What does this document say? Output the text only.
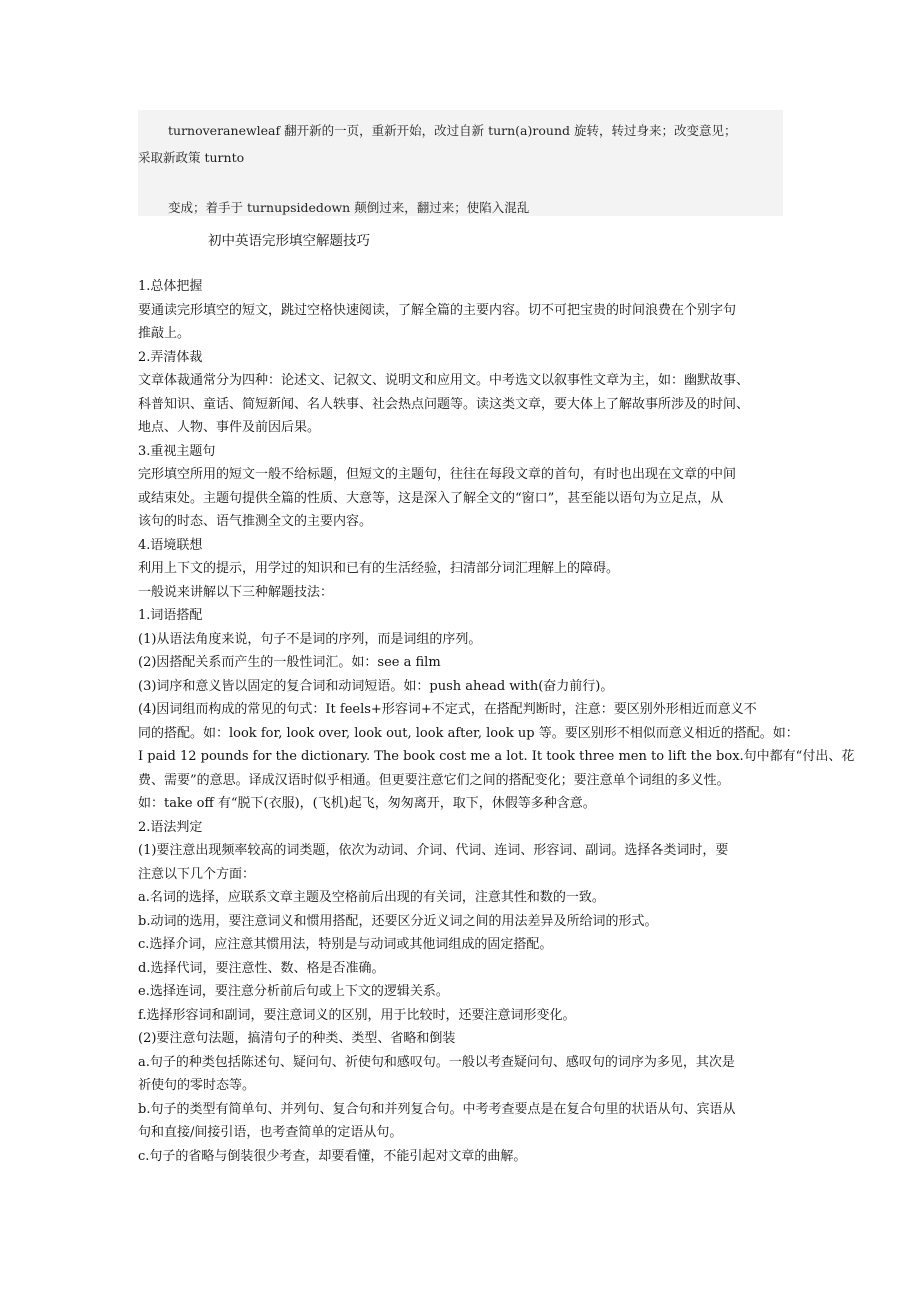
turnoveranewleaf 翻开新的一页，重新开始，改过自新 turn(a)round 旋转，转过身来；改变意见；
采取新政策 turnto
变成；着手于 turnupsidedown 颠倒过来，翻过来；使陷入混乱
初中英语完形填空解题技巧
1.总体把握
要通读完形填空的短文，跳过空格快速阅读，了解全篇的主要内容。切不可把宝贵的时间浪费在个别字句
推敲上。
2.弄清体裁
文章体裁通常分为四种：论述文、记叙文、说明文和应用文。中考选文以叙事性文章为主，如：幽默故事、
科普知识、童话、简短新闻、名人轶事、社会热点问题等。读这类文章，要大体上了解故事所涉及的时间、
地点、人物、事件及前因后果。
3.重视主题句
完形填空所用的短文一般不给标题，但短文的主题句，往往在每段文章的首句，有时也出现在文章的中间
或结束处。主题句提供全篇的性质、大意等，这是深入了解全文的“窗口”，甚至能以语句为立足点，从
该句的时态、语气推测全文的主要内容。
4.语境联想
利用上下文的提示，用学过的知识和已有的生活经验，扫清部分词汇理解上的障碍。
一般说来讲解以下三种解题技法：
1.词语搭配
(1)从语法角度来说，句子不是词的序列，而是词组的序列。
(2)因搭配关系而产生的一般性词汇。如：see a film
(3)词序和意义皆以固定的复合词和动词短语。如：push ahead with(奋力前行)。
(4)因词组而构成的常见的句式：It feels+形容词+不定式，在搭配判断时，注意：要区别外形相近而意义不
同的搭配。如：look for, look over, look out, look after, look up 等。要区别形不相似而意义相近的搭配。如：
I paid 12 pounds for the dictionary. The book cost me a lot. It took three men to lift the box.句中都有“付出、花
费、需要”的意思。译成汉语时似乎相通。但更要注意它们之间的搭配变化；要注意单个词组的多义性。
如：take off 有“脱下(衣服)，(飞机)起飞，匆匆离开，取下，休假等多种含意。
2.语法判定
(1)要注意出现频率较高的词类题，依次为动词、介词、代词、连词、形容词、副词。选择各类词时，要
注意以下几个方面：
a.名词的选择，应联系文章主题及空格前后出现的有关词，注意其性和数的一致。
b.动词的选用，要注意词义和惯用搭配，还要区分近义词之间的用法差异及所给词的形式。
c.选择介词，应注意其惯用法，特别是与动词或其他词组成的固定搭配。
d.选择代词，要注意性、数、格是否准确。
e.选择连词，要注意分析前后句或上下文的逻辑关系。
f.选择形容词和副词，要注意词义的区别，用于比较时，还要注意词形变化。
(2)要注意句法题，搞清句子的种类、类型、省略和倒装
a.句子的种类包括陈述句、疑问句、祈使句和感叹句。一般以考查疑问句、感叹句的词序为多见，其次是
祈使句的零时态等。
b.句子的类型有简单句、并列句、复合句和并列复合句。中考考查要点是在复合句里的状语从句、宾语从
句和直接/间接引语，也考查简单的定语从句。
c.句子的省略与倒装很少考查，却要看懂，不能引起对文章的曲解。
